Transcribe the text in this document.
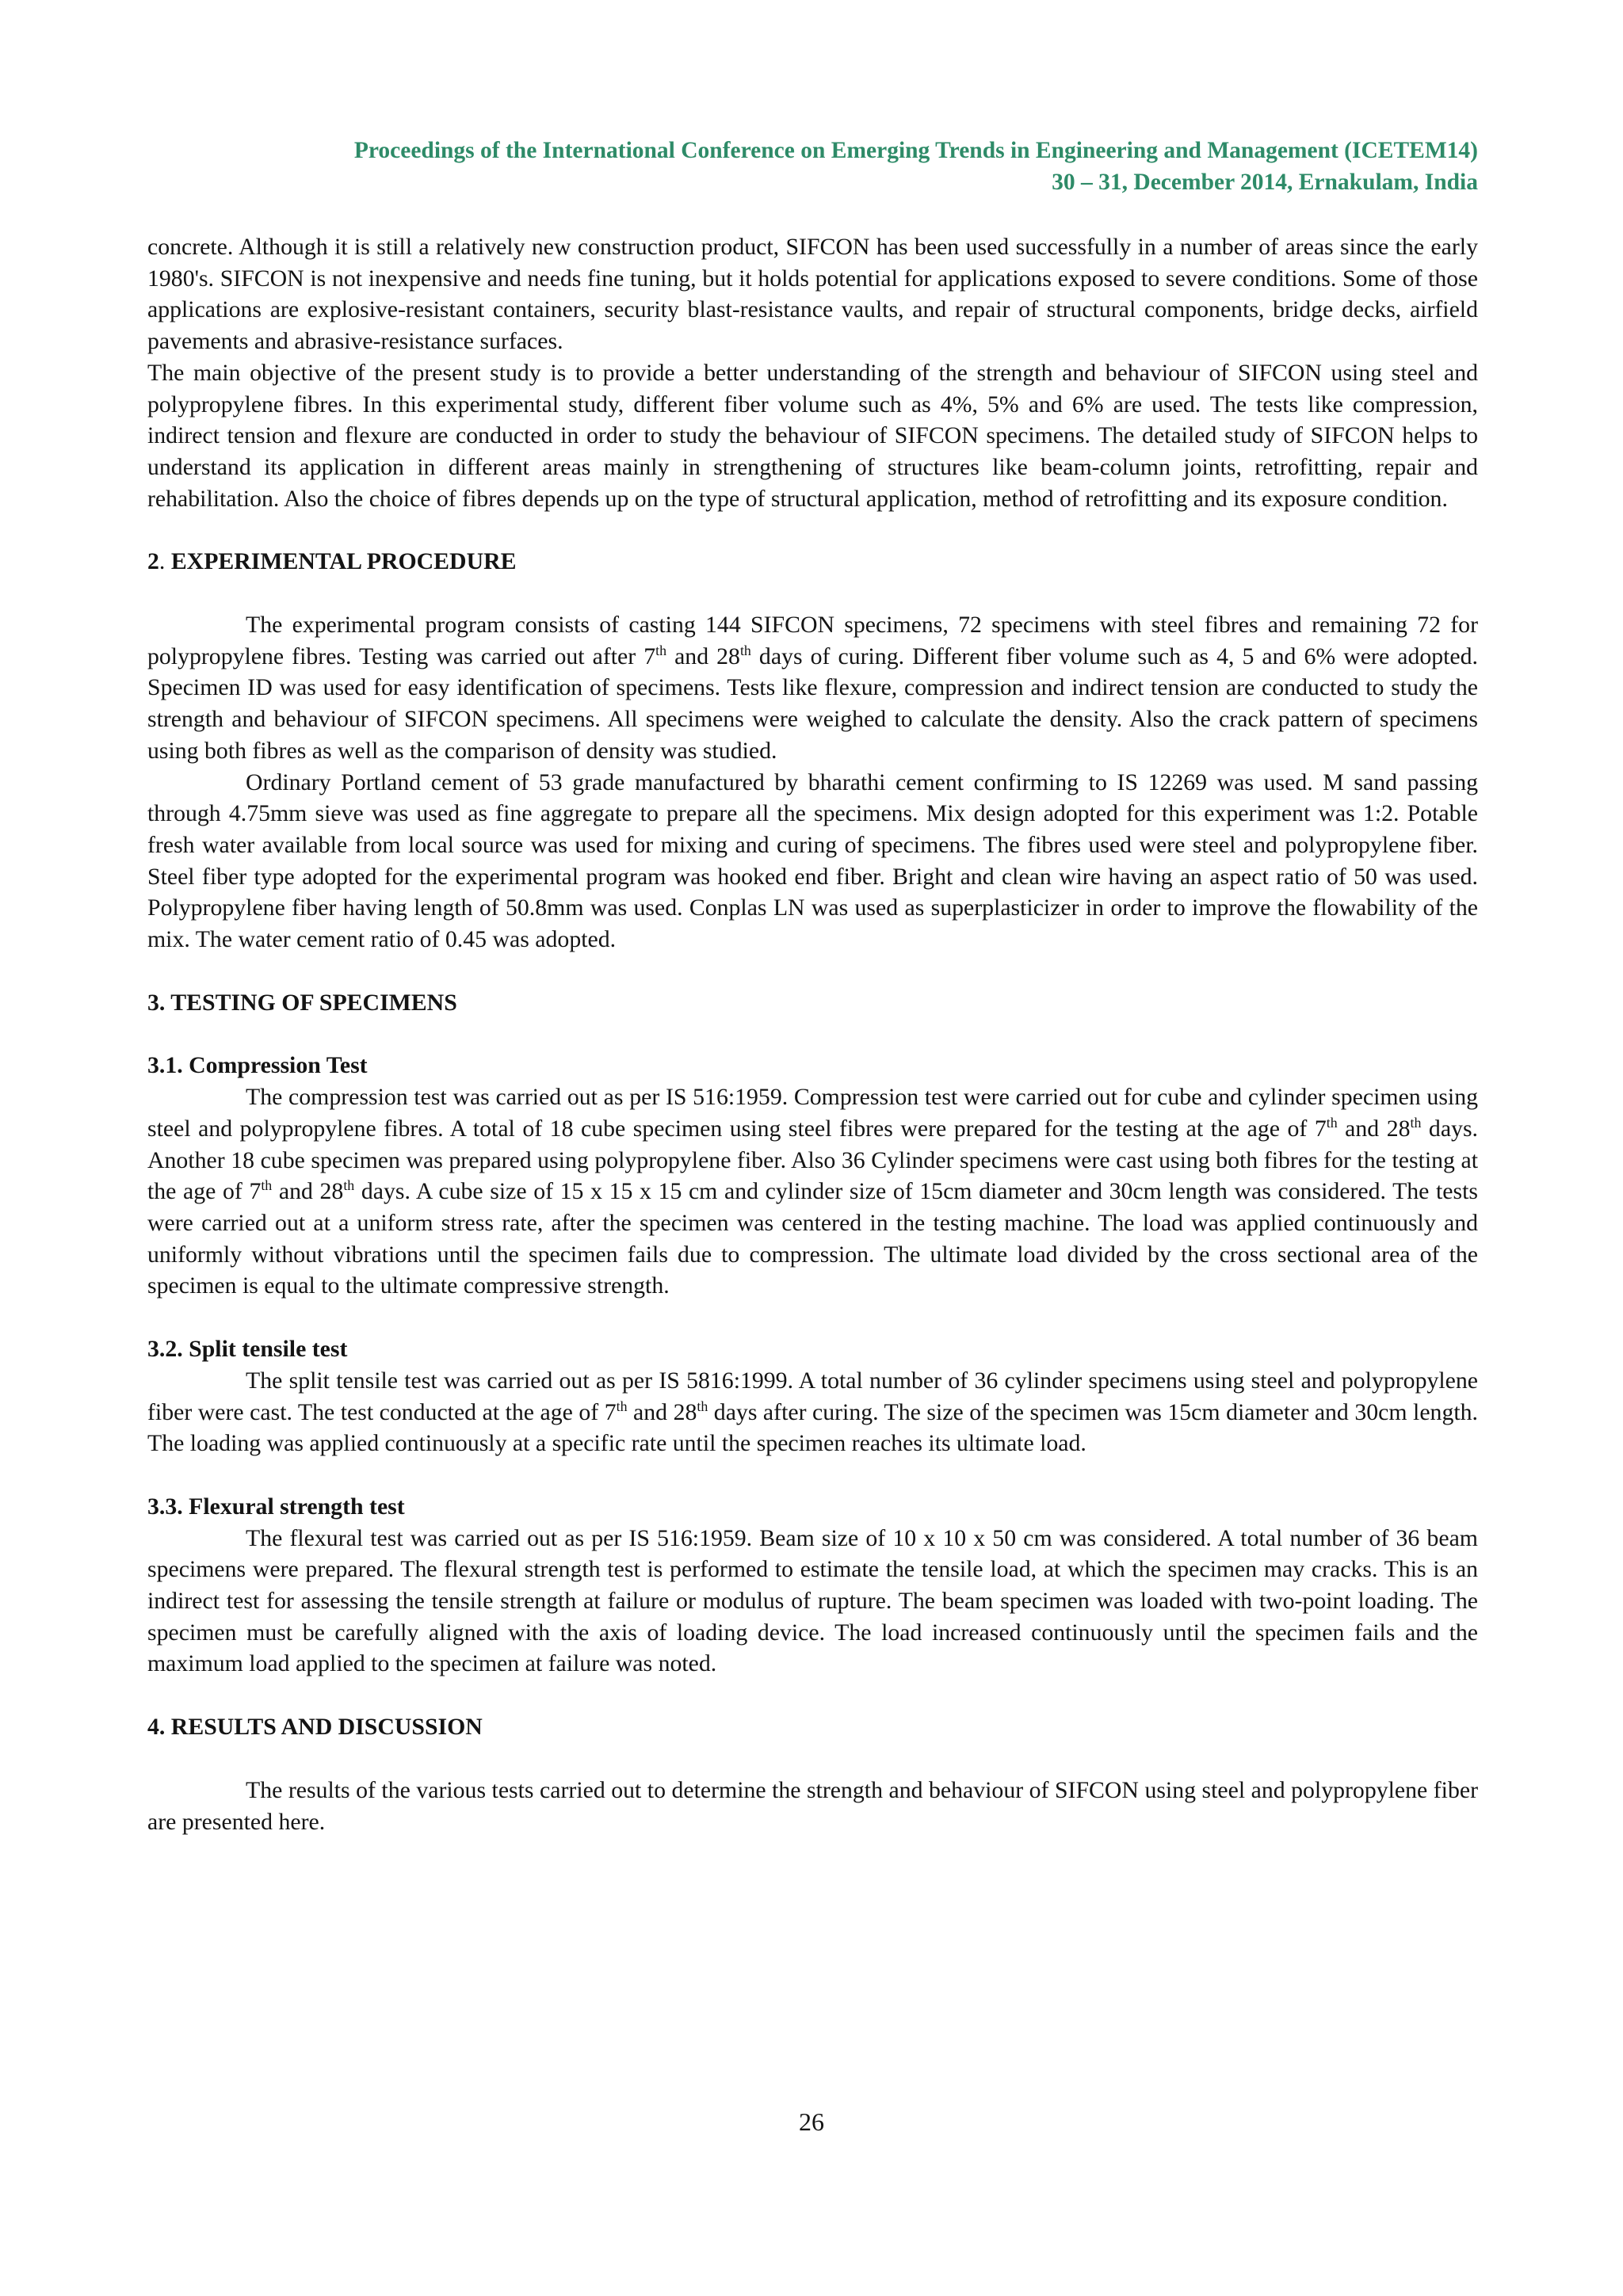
Proceedings of the International Conference on Emerging Trends in Engineering and Management (ICETEM14)
30 – 31, December 2014, Ernakulam, India

concrete. Although it is still a relatively new construction product, SIFCON has been used successfully in a number of areas since the early 1980's. SIFCON is not inexpensive and needs fine tuning, but it holds potential for applications exposed to severe conditions. Some of those applications are explosive-resistant containers, security blast-resistance vaults, and repair of structural components, bridge decks, airfield pavements and abrasive-resistance surfaces.

The main objective of the present study is to provide a better understanding of the strength and behaviour of SIFCON using steel and polypropylene fibres. In this experimental study, different fiber volume such as 4%, 5% and 6% are used. The tests like compression, indirect tension and flexure are conducted in order to study the behaviour of SIFCON specimens. The detailed study of SIFCON helps to understand its application in different areas mainly in strengthening of structures like beam-column joints, retrofitting, repair and rehabilitation. Also the choice of fibres depends up on the type of structural application, method of retrofitting and its exposure condition.

2. EXPERIMENTAL PROCEDURE

The experimental program consists of casting 144 SIFCON specimens, 72 specimens with steel fibres and remaining 72 for polypropylene fibres. Testing was carried out after 7th and 28th days of curing. Different fiber volume such as 4, 5 and 6% were adopted. Specimen ID was used for easy identification of specimens. Tests like flexure, compression and indirect tension are conducted to study the strength and behaviour of SIFCON specimens. All specimens were weighed to calculate the density. Also the crack pattern of specimens using both fibres as well as the comparison of density was studied.

Ordinary Portland cement of 53 grade manufactured by bharathi cement confirming to IS 12269 was used. M sand passing through 4.75mm sieve was used as fine aggregate to prepare all the specimens. Mix design adopted for this experiment was 1:2. Potable fresh water available from local source was used for mixing and curing of specimens. The fibres used were steel and polypropylene fiber. Steel fiber type adopted for the experimental program was hooked end fiber. Bright and clean wire having an aspect ratio of 50 was used. Polypropylene fiber having length of 50.8mm was used. Conplas LN was used as superplasticizer in order to improve the flowability of the mix. The water cement ratio of 0.45 was adopted.

3. TESTING OF SPECIMENS

3.1. Compression Test

The compression test was carried out as per IS 516:1959. Compression test were carried out for cube and cylinder specimen using steel and polypropylene fibres. A total of 18 cube specimen using steel fibres were prepared for the testing at the age of 7th and 28th days. Another 18 cube specimen was prepared using polypropylene fiber. Also 36 Cylinder specimens were cast using both fibres for the testing at the age of 7th and 28th days. A cube size of 15 x 15 x 15 cm and cylinder size of 15cm diameter and 30cm length was considered. The tests were carried out at a uniform stress rate, after the specimen was centered in the testing machine. The load was applied continuously and uniformly without vibrations until the specimen fails due to compression. The ultimate load divided by the cross sectional area of the specimen is equal to the ultimate compressive strength.

3.2. Split tensile test

The split tensile test was carried out as per IS 5816:1999. A total number of 36 cylinder specimens using steel and polypropylene fiber were cast. The test conducted at the age of 7th and 28th days after curing. The size of the specimen was 15cm diameter and 30cm length. The loading was applied continuously at a specific rate until the specimen reaches its ultimate load.

3.3. Flexural strength test

The flexural test was carried out as per IS 516:1959. Beam size of 10 x 10 x 50 cm was considered. A total number of 36 beam specimens were prepared. The flexural strength test is performed to estimate the tensile load, at which the specimen may cracks. This is an indirect test for assessing the tensile strength at failure or modulus of rupture. The beam specimen was loaded with two-point loading. The specimen must be carefully aligned with the axis of loading device. The load increased continuously until the specimen fails and the maximum load applied to the specimen at failure was noted.

4. RESULTS AND DISCUSSION

The results of the various tests carried out to determine the strength and behaviour of SIFCON using steel and polypropylene fiber are presented here.

26
